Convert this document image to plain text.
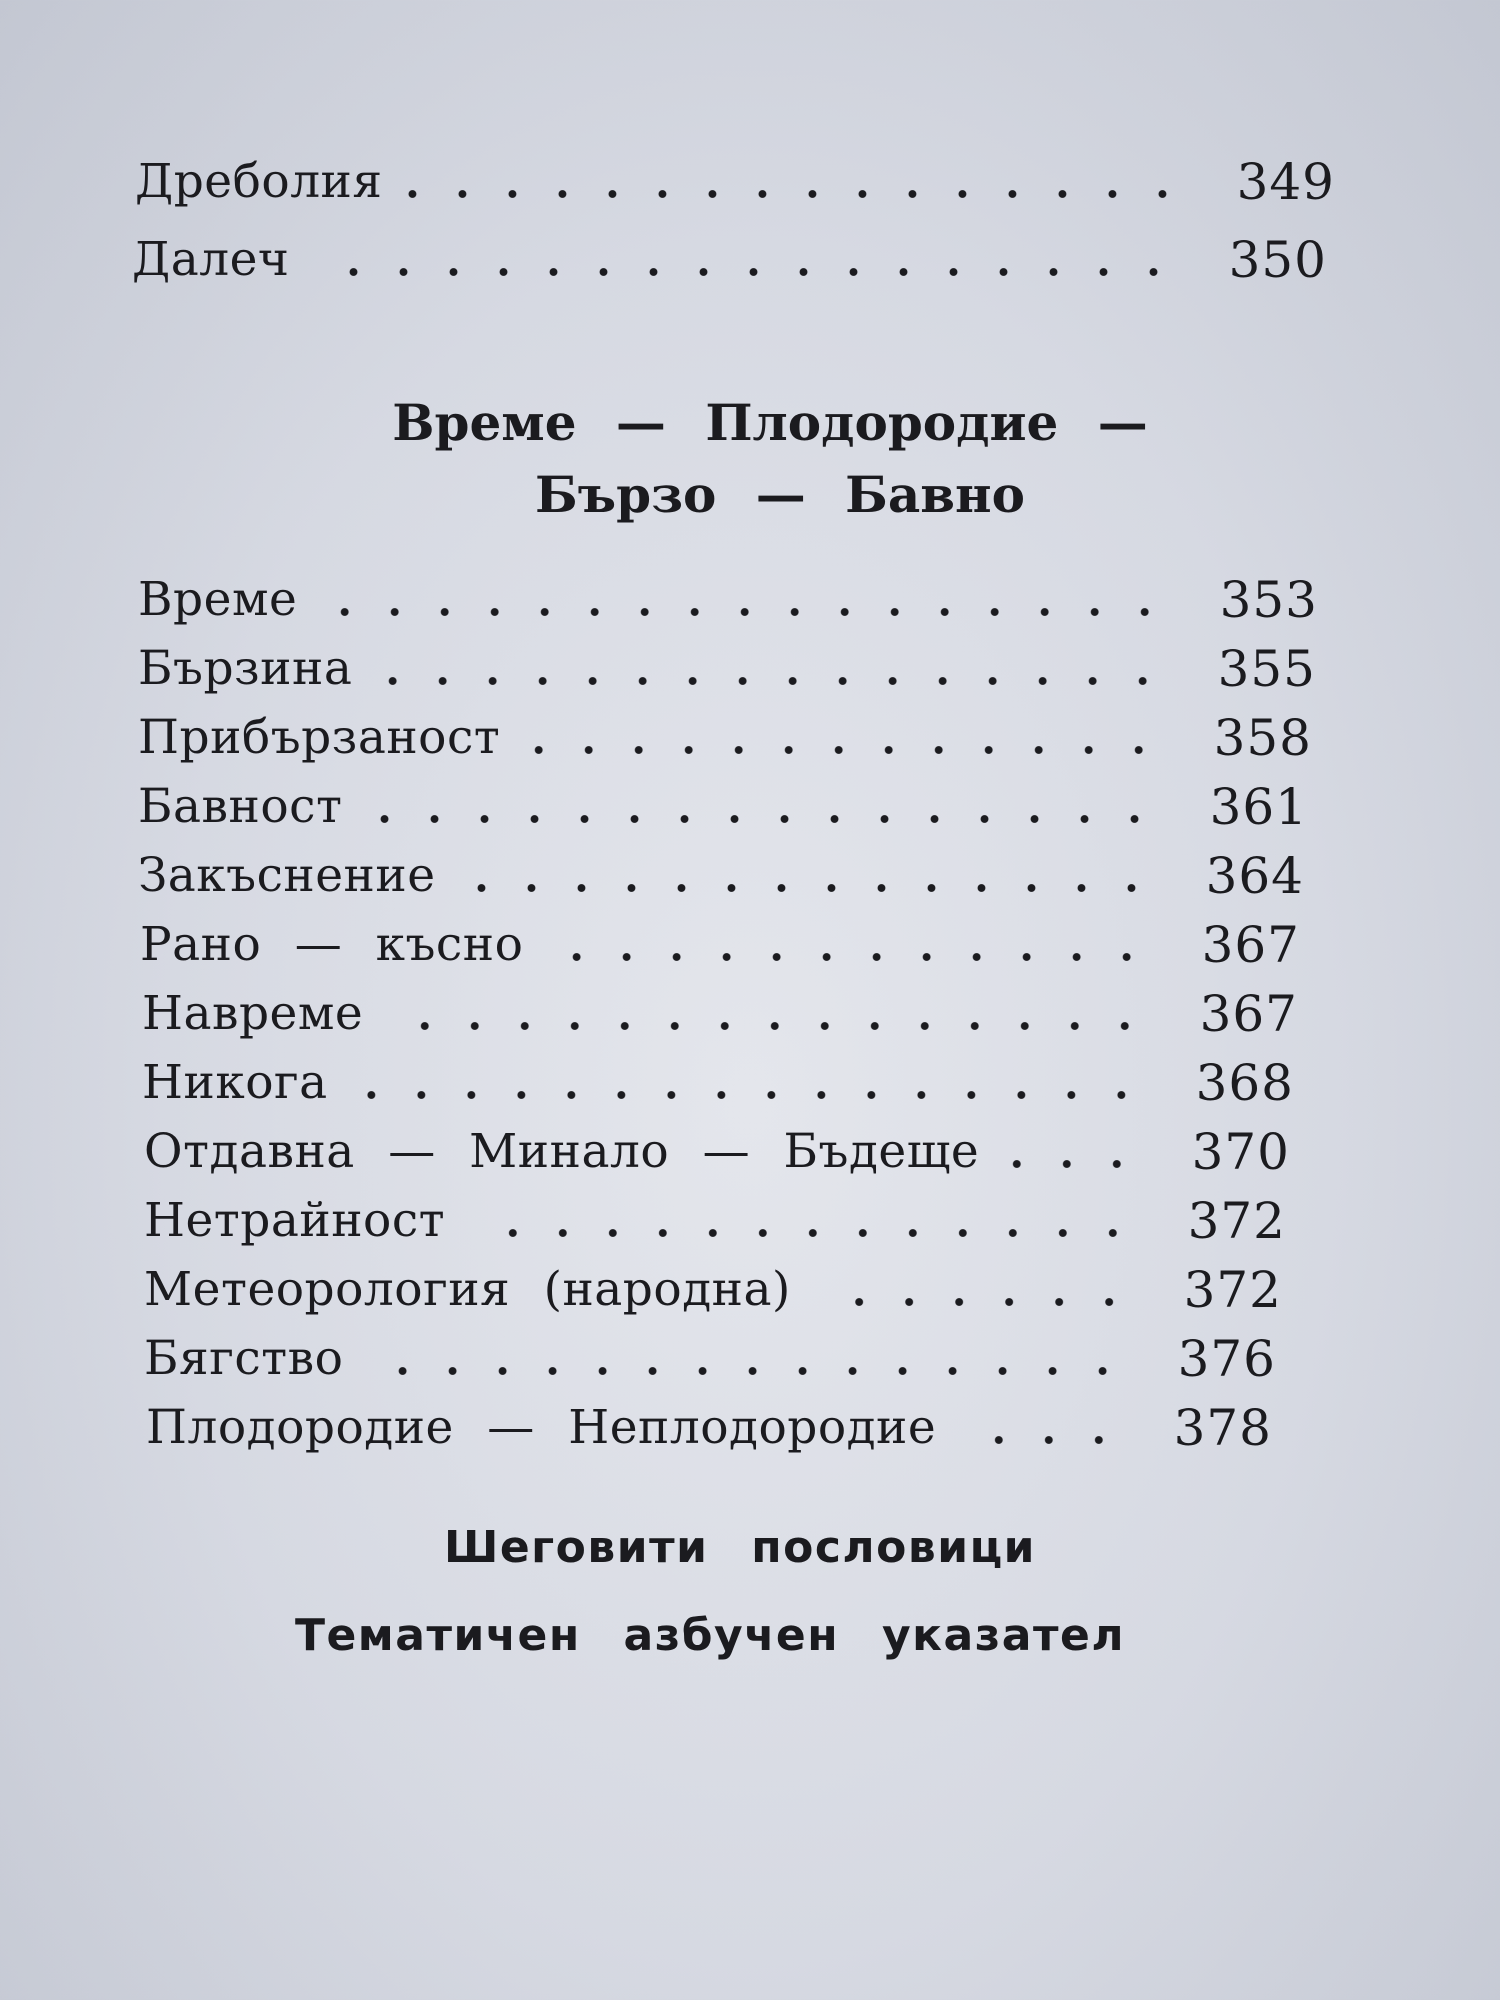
Дреболия	349
Далеч	350
Време — Плодородие —
Бързо — Бавно
Време	353
Бързина	355
Прибързаност	358
Бавност	361
Закъснение	364
Рано — късно	367
Навреме	367
Никога	368
Отдавна — Минало — Бъдеще	370
Нетрайност	372
Метеорология (народна)	372
Бягство	376
Плодородие — Неплодородие	378
Шеговити пословици
Тематичен азбучен указател
